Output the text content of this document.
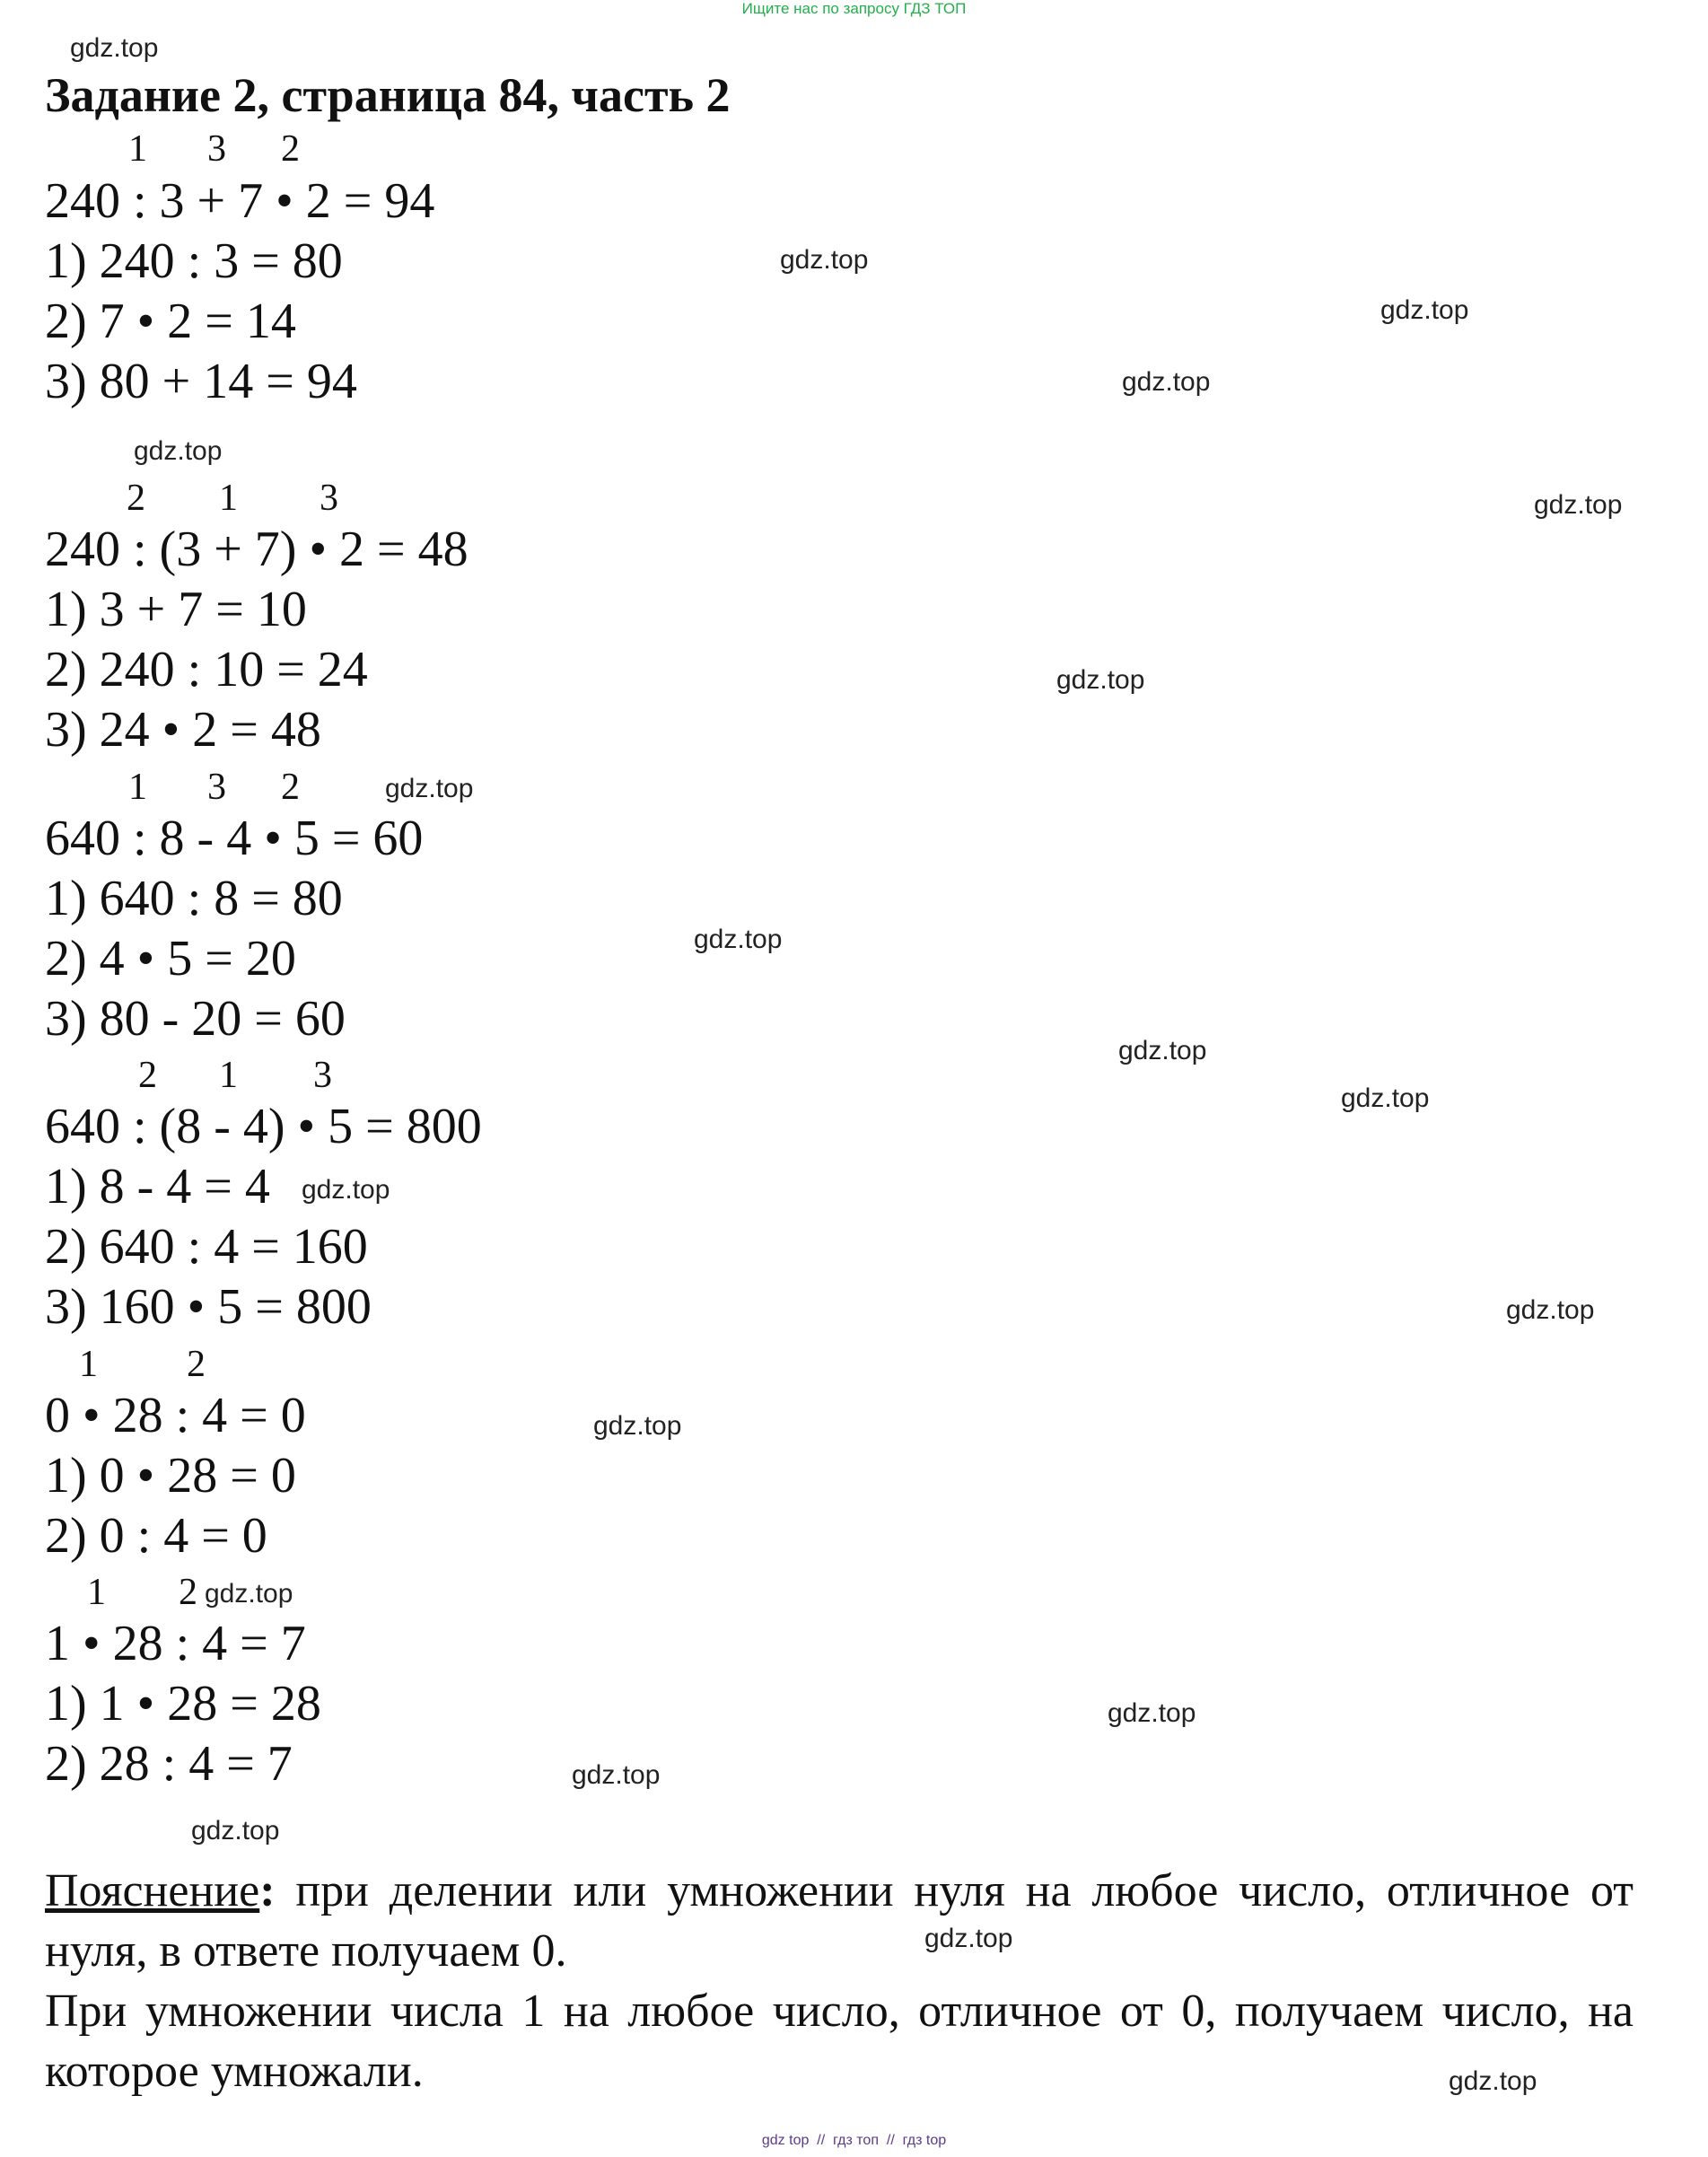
Ищите нас по запросу ГДЗ ТОП
gdz.top
gdz.top
gdz.top
gdz.top
gdz.top
gdz.top
gdz.top
gdz.top
gdz.top
gdz.top
gdz.top
gdz.top
gdz.top
gdz.top
gdz.top
gdz.top
gdz.top
gdz.top
gdz.top
gdz.top
Задание 2, страница 84, часть 2
1 3 2
240 : 3 + 7 • 2 = 94
1) 240 : 3 = 80
2) 7 • 2 = 14
3) 80 + 14 = 94
2 1 3
240 : (3 + 7) • 2 = 48
1) 3 + 7 = 10
2) 240 : 10 = 24
3) 24 • 2 = 48
1 3 2
640 : 8 - 4 • 5 = 60
1) 640 : 8 = 80
2) 4 • 5 = 20
3) 80 - 20 = 60
2 1 3
640 : (8 - 4) • 5 = 800
1) 8 - 4 = 4
2) 640 : 4 = 160
3) 160 • 5 = 800
1 2
0 • 28 : 4 = 0
1) 0 • 28 = 0
2) 0 : 4 = 0
1 2
1 • 28 : 4 = 7
1) 1 • 28 = 28
2) 28 : 4 = 7
Пояснение: при делении или умножении нуля на любое число, отличное от нуля, в ответе получаем 0.
При умножении числа 1 на любое число, отличное от 0, получаем число, на которое умножали.
gdz top  //  гдз топ  //  гдз top
